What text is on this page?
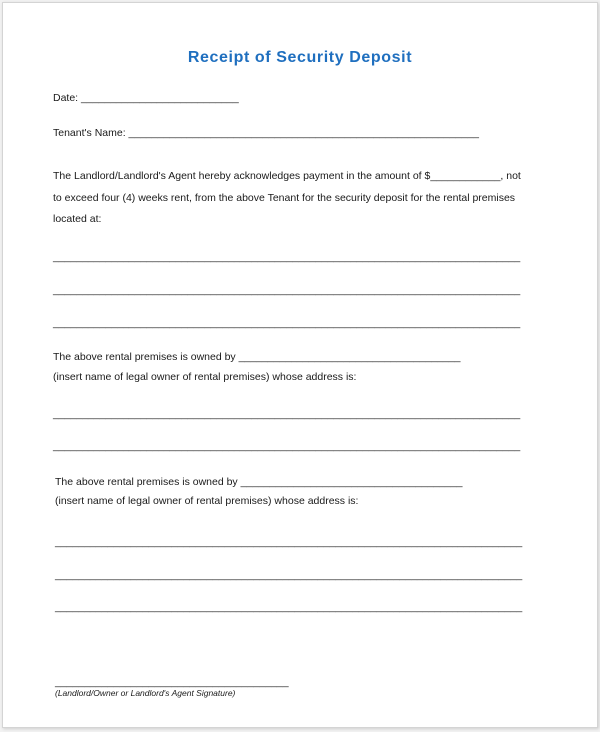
Receipt of Security Deposit
Date: ___________________________
Tenant's Name: ____________________________________________________________
The Landlord/Landlord's Agent hereby acknowledges payment in the amount of $____________, not
to exceed four (4) weeks rent, from the above Tenant for the security deposit for the rental premises
located at:
________________________________________________________________________________
________________________________________________________________________________
________________________________________________________________________________
The above rental premises is owned by ______________________________________
(insert name of legal owner of rental premises) whose address is:
________________________________________________________________________________
________________________________________________________________________________
The above rental premises is owned by ______________________________________
(insert name of legal owner of rental premises) whose address is:
________________________________________________________________________________
________________________________________________________________________________
________________________________________________________________________________
________________________________________
(Landlord/Owner or Landlord's Agent Signature)
